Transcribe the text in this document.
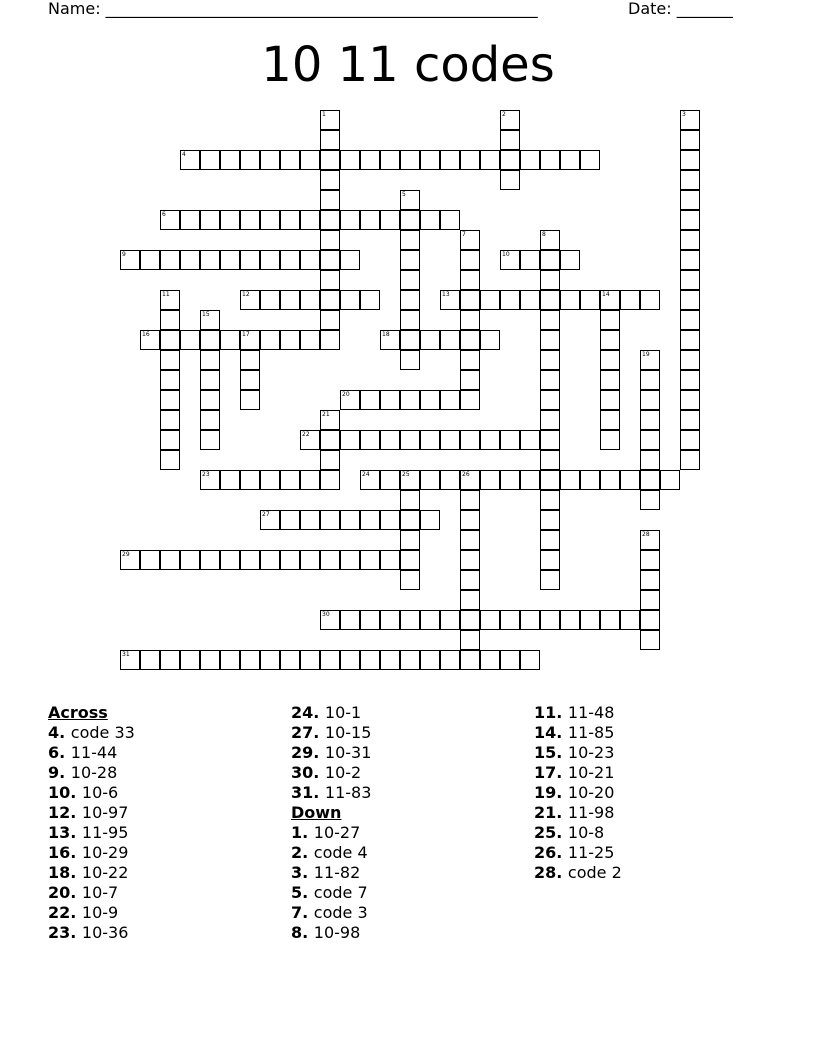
Name: ______________________________________________________	Date: _______
10 11 codes
1	2	3
4
5
6
7	8
9	10
11	12	13	14
15
16	17	18
19
20
21
22
23	24	25	26
27
28
29
30
31
Across
4. code 33
6. 11-44
9. 10-28
10. 10-6
12. 10-97
13. 11-95
16. 10-29
18. 10-22
20. 10-7
22. 10-9
23. 10-36
24. 10-1
27. 10-15
29. 10-31
30. 10-2
31. 11-83
Down
1. 10-27
2. code 4
3. 11-82
5. code 7
7. code 3
8. 10-98
11. 11-48
14. 11-85
15. 10-23
17. 10-21
19. 10-20
21. 11-98
25. 10-8
26. 11-25
28. code 2
